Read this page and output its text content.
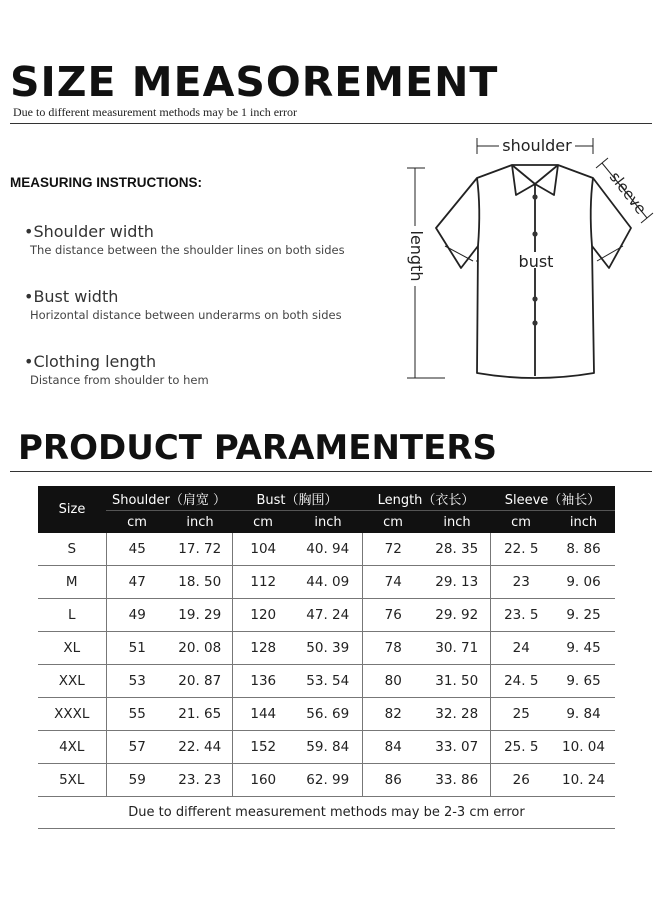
SIZE MEASOREMENT
Due to different measurement methods may be 1 inch error
MEASURING INSTRUCTIONS:
•Shoulder width
The distance between the shoulder lines on both sides
•Bust width
Horizontal distance between underarms on both sides
•Clothing length
Distance from shoulder to hem
shoulder
length
sleeve
bust
PRODUCT PARAMENTERS
Size	Shoulder（肩宽 ）		Bust（胸围）		Length（衣长）		Sleeve（袖长）	
	cm	inch	cm	inch	cm	inch	cm	inch
S	45	17. 72	104	40. 94	72	28. 35	22. 5	8. 86
M	47	18. 50	112	44. 09	74	29. 13	23	9. 06
L	49	19. 29	120	47. 24	76	29. 92	23. 5	9. 25
XL	51	20. 08	128	50. 39	78	30. 71	24	9. 45
XXL	53	20. 87	136	53. 54	80	31. 50	24. 5	9. 65
XXXL	55	21. 65	144	56. 69	82	32. 28	25	9. 84
4XL	57	22. 44	152	59. 84	84	33. 07	25. 5	10. 04
5XL	59	23. 23	160	62. 99	86	33. 86	26	10. 24
Due to different measurement methods may be 2-3 cm error
